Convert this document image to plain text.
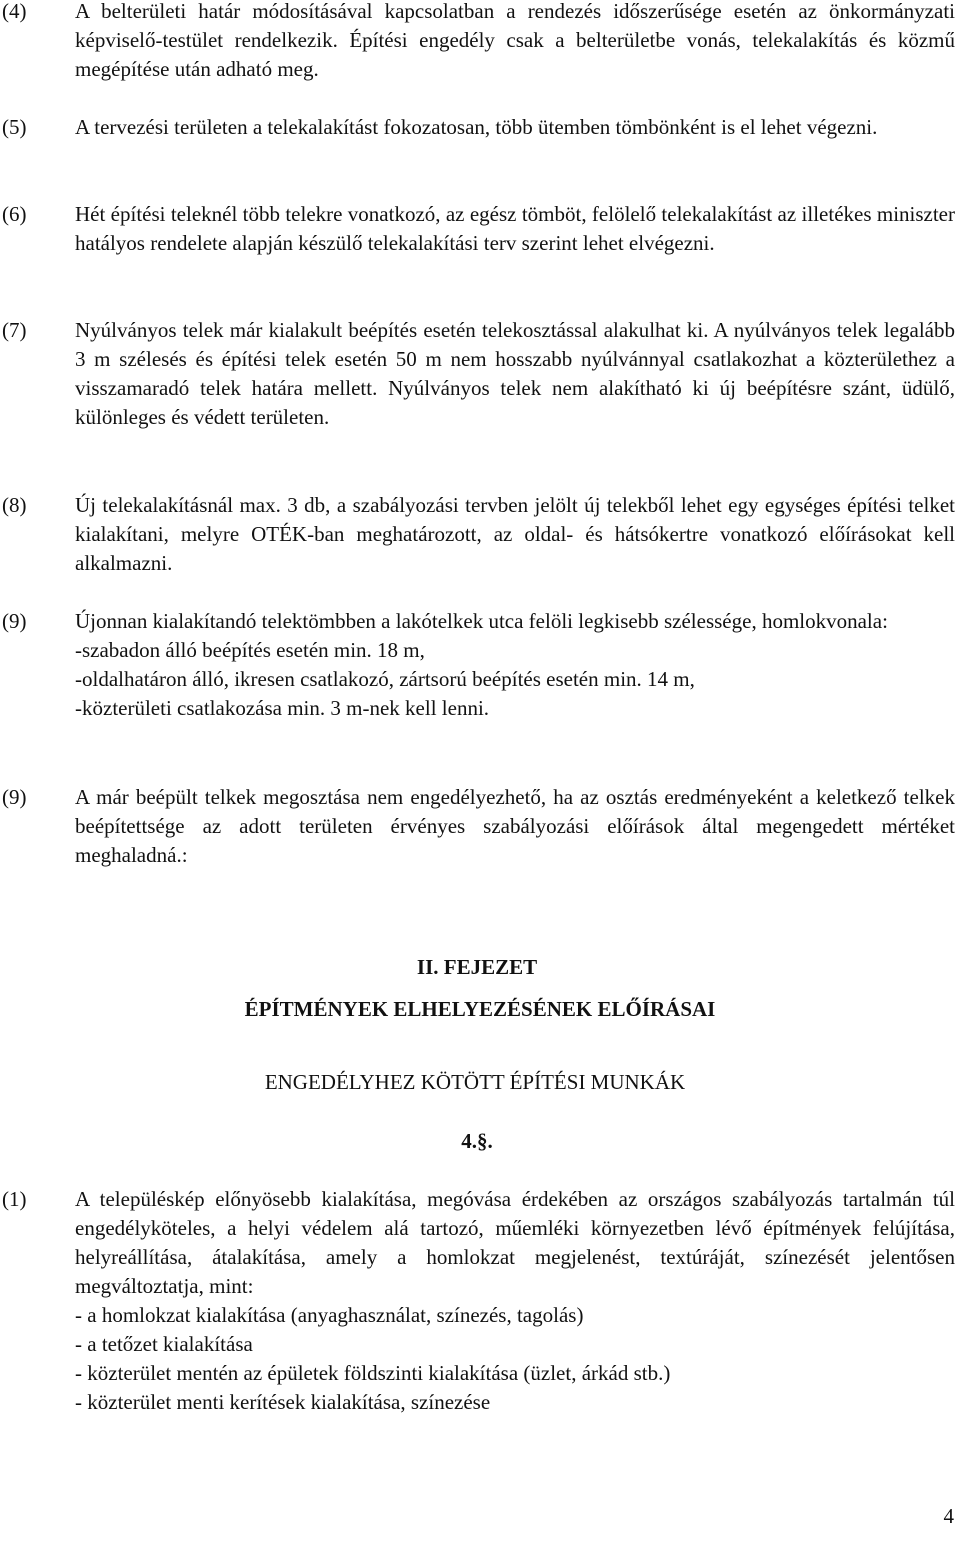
(4)	A belterületi határ módosításával kapcsolatban a rendezés időszerűsége esetén az önkormányzati képviselő-testület rendelkezik. Építési engedély csak a belterületbe vonás, telekalakítás és közmű megépítése után adható meg.

(5)	A tervezési területen a telekalakítást fokozatosan, több ütemben tömbönként is el lehet végezni.

(6)	Hét építési teleknél több telekre vonatkozó, az egész tömböt, felölelő telekalakítást az illetékes miniszter hatályos rendelete alapján készülő telekalakítási terv szerint lehet elvégezni.

(7)	Nyúlványos telek már kialakult beépítés esetén telekosztással alakulhat ki. A nyúlványos telek legalább 3 m szélesés és építési telek esetén 50 m nem hosszabb nyúlvánnyal csatlakozhat a közterülethez a visszamaradó telek határa mellett. Nyúlványos telek nem alakítható ki új beépítésre szánt, üdülő, különleges és védett területen.

(8)	Új telekalakításnál max. 3 db, a szabályozási tervben jelölt új telekből lehet egy egységes építési telket kialakítani, melyre OTÉK-ban meghatározott, az oldal- és hátsókertre vonatkozó előírásokat kell alkalmazni.

(9)	Újonnan kialakítandó telektömbben a lakótelkek utca felöli legkisebb szélessége, homlokvonala:

-szabadon álló beépítés esetén min. 18 m,

-oldalhatáron álló, ikresen csatlakozó, zártsorú beépítés esetén min. 14 m,

-közterületi csatlakozása min. 3 m-nek kell lenni.

(9)	A már beépült telkek megosztása nem engedélyezhető, ha az osztás eredményeként a keletkező telkek beépítettsége az adott területen érvényes szabályozási előírások által megengedett mértéket meghaladná.:

II. FEJEZET
ÉPÍTMÉNYEK ELHELYEZÉSÉNEK ELŐÍRÁSAI
ENGEDÉLYHEZ KÖTÖTT ÉPÍTÉSI MUNKÁK
4.§.
(1)	A településkép előnyösebb kialakítása, megóvása érdekében az országos szabályozás tartalmán túl engedélyköteles, a helyi védelem alá tartozó, műemléki környezetben lévő építmények felújítása, helyreállítása, átalakítása, amely a homlokzat megjelenést, textúráját, színezését jelentősen megváltoztatja, mint:

- a homlokzat kialakítása (anyaghasználat, színezés, tagolás)

- a tetőzet kialakítása

- közterület mentén az épületek földszinti kialakítása (üzlet, árkád stb.)

- közterület menti kerítések kialakítása, színezése

4
